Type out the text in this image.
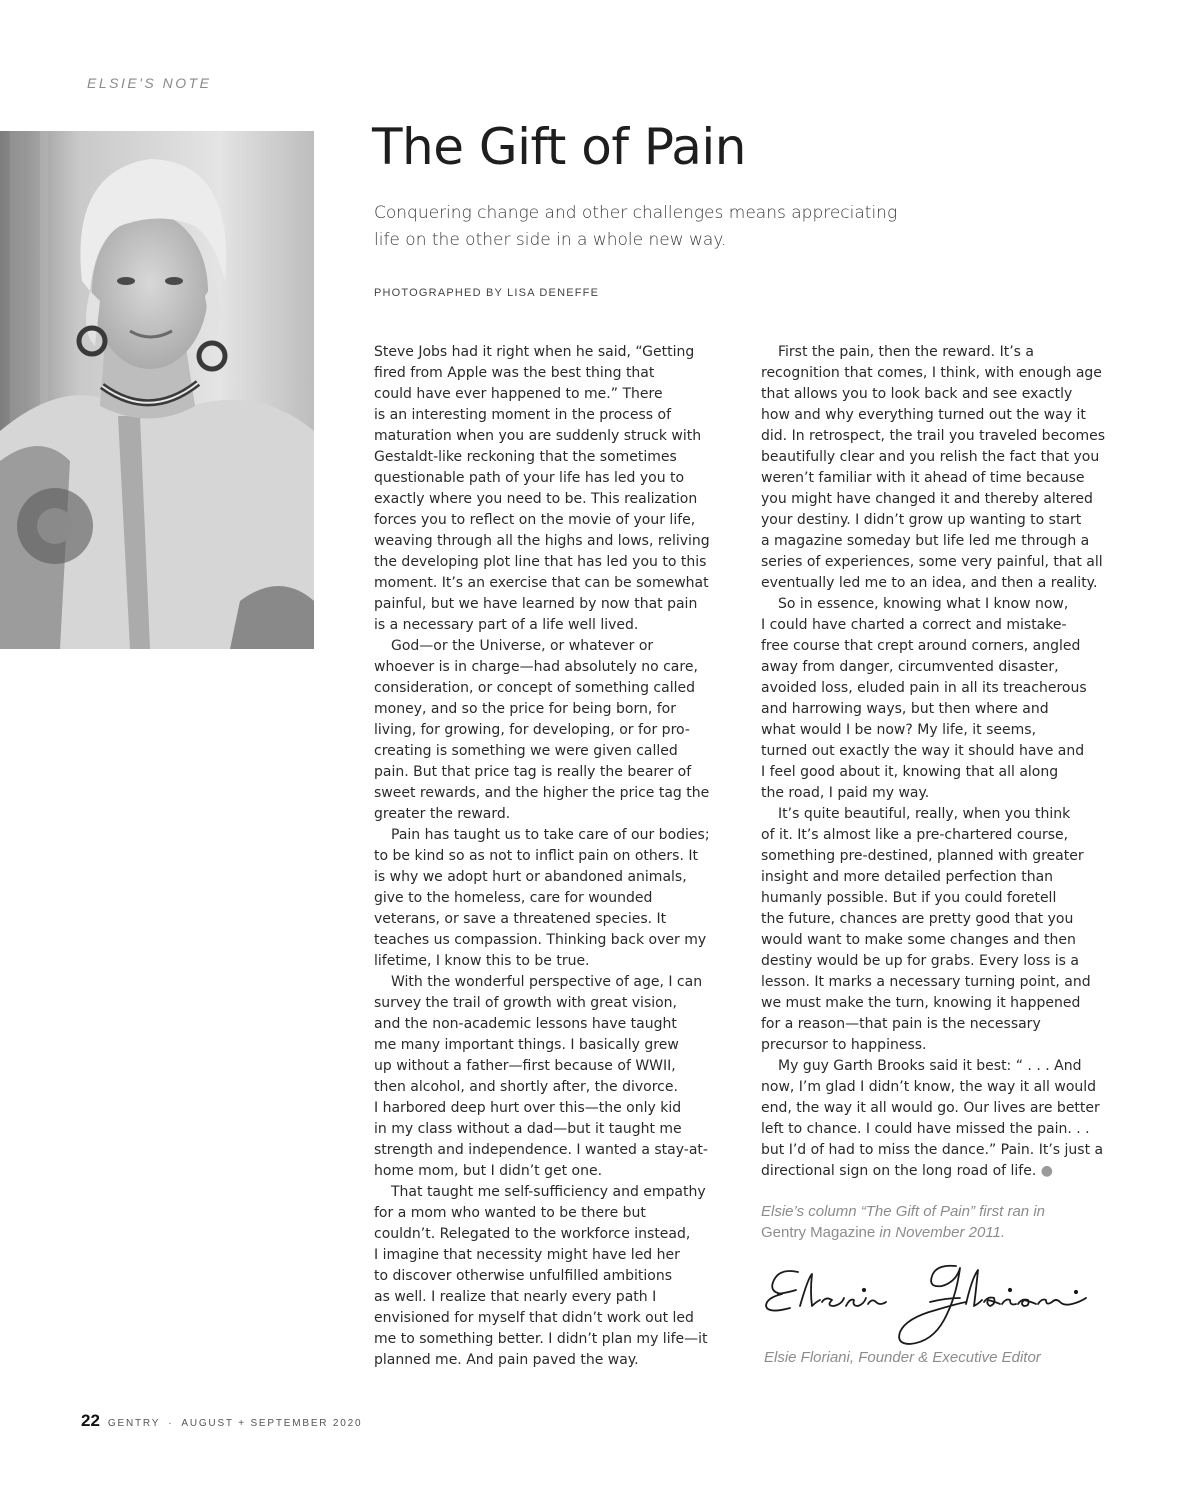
ELSIE'S NOTE
The Gift of Pain

Conquering change and other challenges means appreciating
life on the other side in a whole new way.

PHOTOGRAPHED BY LISA DENEFFE
Steve Jobs had it right when he said, “Getting
fired from Apple was the best thing that
could have ever happened to me.” There
is an interesting moment in the process of
maturation when you are suddenly struck with
Gestaldt-like reckoning that the sometimes
questionable path of your life has led you to
exactly where you need to be. This realization
forces you to reflect on the movie of your life,
weaving through all the highs and lows, reliving
the developing plot line that has led you to this
moment. It’s an exercise that can be somewhat
painful, but we have learned by now that pain
is a necessary part of a life well lived.
God—or the Universe, or whatever or
whoever is in charge—had absolutely no care,
consideration, or concept of something called
money, and so the price for being born, for
living, for growing, for developing, or for pro-
creating is something we were given called
pain. But that price tag is really the bearer of
sweet rewards, and the higher the price tag the
greater the reward.
Pain has taught us to take care of our bodies;
to be kind so as not to inflict pain on others. It
is why we adopt hurt or abandoned animals,
give to the homeless, care for wounded
veterans, or save a threatened species. It
teaches us compassion. Thinking back over my
lifetime, I know this to be true.
With the wonderful perspective of age, I can
survey the trail of growth with great vision,
and the non-academic lessons have taught
me many important things. I basically grew
up without a father—first because of WWII,
then alcohol, and shortly after, the divorce.
I harbored deep hurt over this—the only kid
in my class without a dad—but it taught me
strength and independence. I wanted a stay-at-
home mom, but I didn’t get one.
That taught me self-sufficiency and empathy
for a mom who wanted to be there but
couldn’t. Relegated to the workforce instead,
I imagine that necessity might have led her
to discover otherwise unfulfilled ambitions
as well. I realize that nearly every path I
envisioned for myself that didn’t work out led
me to something better. I didn’t plan my life—it
planned me. And pain paved the way.
First the pain, then the reward. It’s a
recognition that comes, I think, with enough age
that allows you to look back and see exactly
how and why everything turned out the way it
did. In retrospect, the trail you traveled becomes
beautifully clear and you relish the fact that you
weren’t familiar with it ahead of time because
you might have changed it and thereby altered
your destiny. I didn’t grow up wanting to start
a magazine someday but life led me through a
series of experiences, some very painful, that all
eventually led me to an idea, and then a reality.
So in essence, knowing what I know now,
I could have charted a correct and mistake-
free course that crept around corners, angled
away from danger, circumvented disaster,
avoided loss, eluded pain in all its treacherous
and harrowing ways, but then where and
what would I be now? My life, it seems,
turned out exactly the way it should have and
I feel good about it, knowing that all along
the road, I paid my way.
It’s quite beautiful, really, when you think
of it. It’s almost like a pre-chartered course,
something pre-destined, planned with greater
insight and more detailed perfection than
humanly possible. But if you could foretell
the future, chances are pretty good that you
would want to make some changes and then
destiny would be up for grabs. Every loss is a
lesson. It marks a necessary turning point, and
we must make the turn, knowing it happened
for a reason—that pain is the necessary
precursor to happiness.
My guy Garth Brooks said it best: “ . . . And
now, I’m glad I didn’t know, the way it all would
end, the way it all would go. Our lives are better
left to chance. I could have missed the pain. . .
but I’d of had to miss the dance.” Pain. It’s just a
directional sign on the long road of life. ●
Elsie’s column “The Gift of Pain” first ran in
Gentry Magazine in November 2011.
Elsie Floriani, Founder & Executive Editor
22 GENTRY · AUGUST + SEPTEMBER 2020
